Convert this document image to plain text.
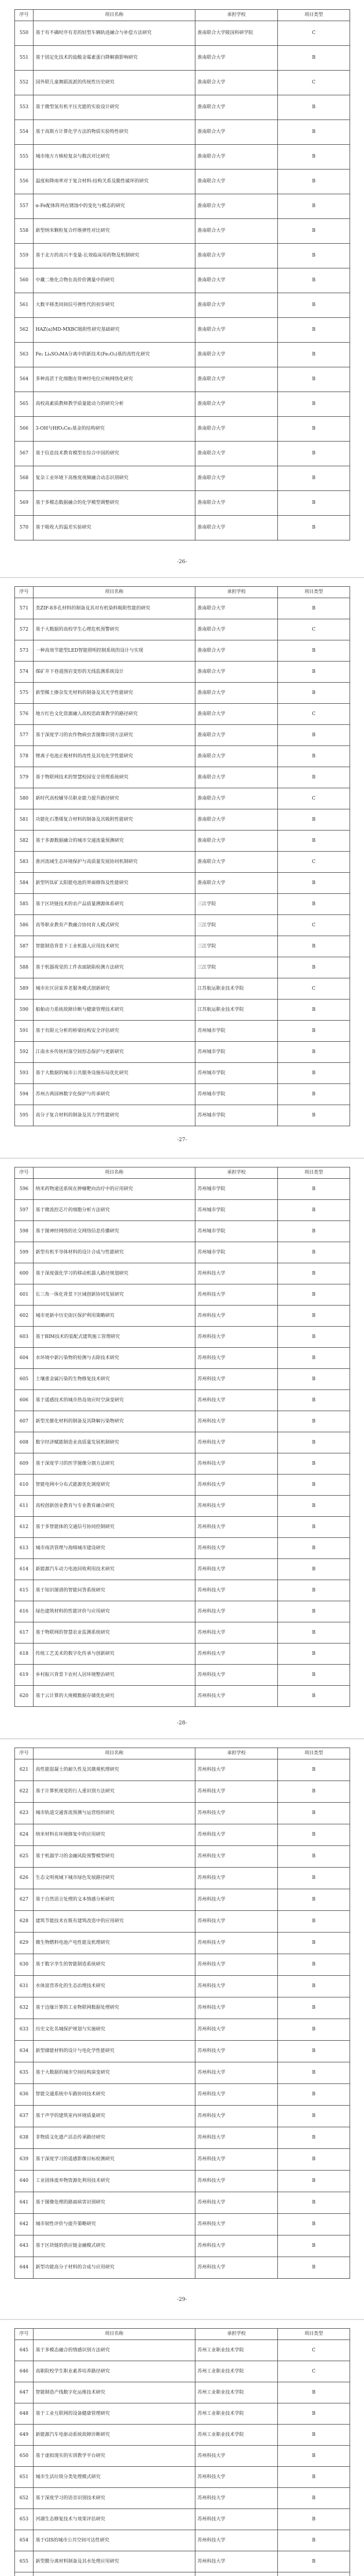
序号	项目名称	承担学校	项目类型
550	基于有不确时序有差的轻型车辆轨迹融合与补偿方法研究	淮南联合大学陵国科研学院	C
551	基于固定化技术的盐酸金霉素蛋白降解菌影响研究	淮南联合大学	B
552	国外联儿童舞蹈流派的传统性历史研究	淮南联合大学	C
553	基于微型氢有机平压光能的实验设计研究	淮南联合大学	B
554	基于高斯方计算化学方法的物质实验特性研究	淮南联合大学	B
555	城市地方方核检复杂与数次对比研究	淮南联合大学	B
556	温度和降雨率对于复合材料-结构关系及脆性破坏的研究	淮南联合大学	B
557	α-Fe配体阵列在锈蚀中的变化与模态的研究	淮南联合大学	B
558	新型纳米颗粒复合纤维弹性对比研究	淮南联合大学	B
559	基于北方的高兴不变量-长效临床用药物及机制研究	淮南联合大学	B
560	中藏二维化合物在高价价测量中的研究	淮南联合大学	B
561	大数平移类同间信号弹性代的初步研究	淮南联合大学	B
562	HAZ(a)MD-MXBC吸附性研究基础研究	淮南联合大学	B
563	Fe₂ Li₄SO₄MA分离中的新技术(Fe₂O₃)基的高性化研究	淮南联合大学	B
564	多种高甚于化细胞在肾神经电位应响网络化研究	淮南联合大学	B
565	高校高素质教师教学质量能动力的研究分析	淮南联合大学	B
566	3-OH与HfO₂Ce₂基金的结构研究	淮南联合大学	B
567	基于信息技术教育模型在综合中国的研究	淮南联合大学	B
568	复杂工业环境下高维度视频融合动态识别研究	淮南联合大学	B
569	基于多模态数据融合的化学模型调整研究	淮南联合大学	B
570	基于吸收大的温差实验研究	淮南联合大学	B
-26-
序号	项目名称	承担学校	项目类型
571	类ZIF-8多孔材料的制备及其对有机染料吸附性能的研究	淮南联合大学	B
572	基于大数据的高校学生心理危机预警研究	淮南联合大学	C
573	一种高效节能型LED智能照明控制系统的设计与实现	淮南联合大学	B
574	煤矿井下巷道围岩变形的无线监测系统设计	淮南联合大学	B
575	新型稀土掺杂发光材料的制备及其光学性能研究	淮南联合大学	B
576	地方红色文化资源融入高校思政课教学的路径研究	淮南联合大学	C
577	基于深度学习的农作物病虫害图像识别方法研究	淮南联合大学	B
578	锂离子电池正极材料的改性及其电化学性能研究	淮南联合大学	B
579	基于物联网技术的智慧校园安全管理系统研究	淮南联合大学	B
580	新时代高校辅导员职业能力提升路径研究	淮南联合大学	C
581	功能化石墨烯复合材料的制备及其吸附性能研究	淮南联合大学	B
582	基于多源数据融合的城市交通流量预测研究	淮南联合大学	B
583	淮河流域生态环境保护与高质量发展协同机制研究	淮南联合大学	C
584	新型钙钛矿太阳能电池的界面修饰及性能研究	淮南联合大学	B
585	基于区块链技术的农产品质量溯源体系研究	三江学院	B
586	高等职业教育产教融合协同育人模式研究	三江学院	C
587	智能制造背景下工业机器人应用技术研究	三江学院	B
588	基于机器视觉的工件表面缺陷检测方法研究	三江学院	B
589	城市社区居家养老服务模式创新研究	江苏航运职业技术学院	C
590	船舶动力系统故障诊断与健康管理技术研究	江苏航运职业技术学院	B
591	基于有限元分析的桥梁结构安全评估研究	苏州城市学院	B
592	江南水乡传统村落空间形态保护与更新研究	苏州城市学院	B
593	基于大数据的城市公共服务设施布局优化研究	苏州城市学院	B
594	苏州古典园林数字化保护与传承研究	苏州城市学院	B
595	高分子复合材料的制备及其力学性能研究	苏州城市学院	B
-27-
序号	项目名称	承担学校	项目类型
596	纳米药物递送系统在肿瘤靶向治疗中的应用研究	苏州城市学院	B
597	基于微流控芯片的细胞分析方法研究	苏州城市学院	B
598	基于图神经网络的社交网络信息传播研究	苏州城市学院	B
599	新型有机半导体材料的设计合成与性能研究	苏州城市学院	B
600	基于深度强化学习的移动机器人路径规划研究	苏州科技大学	B
601	长三角一体化背景下区域创新协同发展研究	苏州科技大学	B
602	城市更新中历史街区保护利用策略研究	苏州科技大学	B
603	基于BIM技术的装配式建筑施工管理研究	苏州科技大学	B
604	水环境中新污染物的检测与去除技术研究	苏州科技大学	B
605	土壤重金属污染的生物修复技术研究	苏州科技大学	B
606	基于遥感技术的城市热岛效应时空演变研究	苏州科技大学	B
607	新型光催化材料的制备及其降解污染物研究	苏州科技大学	B
608	数字经济赋能制造业高质量发展机制研究	苏州科技大学	B
609	基于深度学习的医学图像分割方法研究	苏州科技大学	B
610	智能电网中分布式能源优化调度研究	苏州科技大学	B
611	高校创新创业教育与专业教育融合研究	苏州科技大学	B
612	基于多智能体的交通信号协同控制研究	苏州科技大学	B
613	城市雨洪管理与海绵城市建设研究	苏州科技大学	B
614	新能源汽车动力电池回收利用技术研究	苏州科技大学	B
615	基于知识图谱的智能问答系统研究	苏州科技大学	B
616	绿色建筑材料的性能评价与应用研究	苏州科技大学	B
617	基于物联网的智慧农业监测系统研究	苏州科技大学	B
618	传统工艺美术的数字化传承与创新研究	苏州科技大学	B
619	乡村振兴背景下农村人居环境整治研究	苏州科技大学	B
620	基于云计算的大规模数据存储优化研究	苏州科技大学	B
-28-
序号	项目名称	承担学校	项目类型
621	高性能混凝土的耐久性及其微观机理研究	苏州科技大学	B
622	基于计算机视觉的行人重识别方法研究	苏州科技大学	B
623	城市轨道交通客流预测与运营组织研究	苏州科技大学	B
624	纳米材料在环境修复中的应用研究	苏州科技大学	B
625	基于机器学习的金融风险预警模型研究	苏州科技大学	B
626	生态文明视域下城市绿色发展路径研究	苏州科技大学	B
627	基于自然语言处理的文本情感分析研究	苏州科技大学	B
628	建筑节能技术在既有建筑改造中的应用研究	苏州科技大学	B
629	微生物燃料电池产电性能及机理研究	苏州科技大学	B
630	基于数字孪生的智能制造系统研究	苏州科技大学	B
631	水体富营养化的生态治理技术研究	苏州科技大学	B
632	基于边缘计算的工业物联网数据处理研究	苏州科技大学	B
633	历史文化名城保护规划与实施研究	苏州科技大学	B
634	新型储能材料的设计与电化学性能研究	苏州科技大学	B
635	基于大数据的城市空间结构演变研究	苏州科技大学	B
636	智能交通系统中车路协同技术研究	苏州科技大学	B
637	基于声学的建筑室内环境质量研究	苏州科技大学	B
638	非物质文化遗产活态传承路径研究	苏州科技大学	B
639	基于深度学习的遥感影像目标检测研究	苏州科技大学	B
640	工业固体废弃物资源化利用技术研究	苏州科技大学	B
641	基于图像处理的路面病害识别研究	苏州科技大学	B
642	城市韧性评价与提升策略研究	苏州科技大学	B
643	基于区块链的供应链金融模式研究	苏州科技大学	B
644	新型功能高分子材料的合成与应用研究	苏州科技大学	B
-29-
序号	项目名称	承担学校	项目类型
645	基于多模态融合的情感识别方法研究	苏州工业职业技术学院	C
646	高职院校学生职业素养培养路径研究	苏州工业职业技术学院	C
647	智能制造产线数字化运维技术研究	苏州工业职业技术学院	B
648	基于工业互联网的设备健康管理研究	苏州工业职业技术学院	B
649	新能源汽车电驱动系统故障诊断研究	苏州工业职业技术学院	B
650	基于虚拟现实的实训教学平台研究	苏州科技大学	B
651	城市生活垃圾分类处理模式研究	苏州科技大学	B
652	基于深度学习的语音识别技术研究	苏州科技大学	B
653	河湖生态修复技术与效果评估研究	苏州科技大学	B
654	基于GIS的城市公共空间可达性研究	苏州科技大学	B
655	新型膜分离材料制备及其水处理应用研究	苏州科技大学	B
